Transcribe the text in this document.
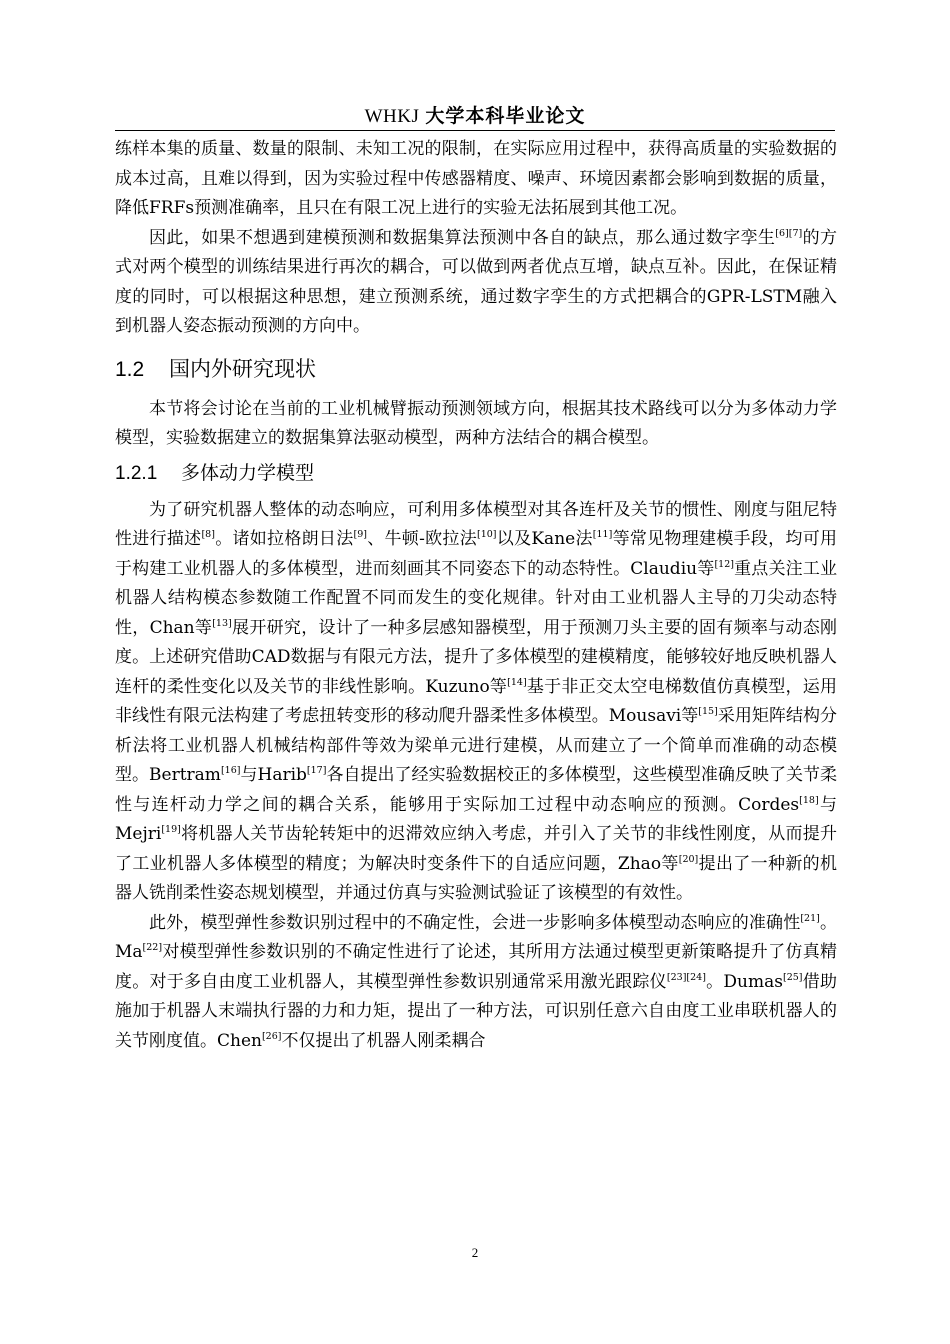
WHKJ 大学本科毕业论文

练样本集的质量、数量的限制、未知工况的限制，在实际应用过程中，获得高质量的实验数据的成本过高，且难以得到，因为实验过程中传感器精度、噪声、环境因素都会影响到数据的质量，降低FRFs预测准确率，且只在有限工况上进行的实验无法拓展到其他工况。

因此，如果不想遇到建模预测和数据集算法预测中各自的缺点，那么通过数字孪生[6][7]的方式对两个模型的训练结果进行再次的耦合，可以做到两者优点互增，缺点互补。因此，在保证精度的同时，可以根据这种思想，建立预测系统，通过数字孪生的方式把耦合的GPR-LSTM融入到机器人姿态振动预测的方向中。

1.2 国内外研究现状

本节将会讨论在当前的工业机械臂振动预测领域方向，根据其技术路线可以分为多体动力学模型，实验数据建立的数据集算法驱动模型，两种方法结合的耦合模型。

1.2.1 多体动力学模型

为了研究机器人整体的动态响应，可利用多体模型对其各连杆及关节的惯性、刚度与阻尼特性进行描述[8]。诸如拉格朗日法[9]、牛顿-欧拉法[10]以及Kane法[11]等常见物理建模手段，均可用于构建工业机器人的多体模型，进而刻画其不同姿态下的动态特性。Claudiu等[12]重点关注工业机器人结构模态参数随工作配置不同而发生的变化规律。针对由工业机器人主导的刀尖动态特性，Chan等[13]展开研究，设计了一种多层感知器模型，用于预测刀头主要的固有频率与动态刚度。上述研究借助CAD数据与有限元方法，提升了多体模型的建模精度，能够较好地反映机器人连杆的柔性变化以及关节的非线性影响。Kuzuno等[14]基于非正交太空电梯数值仿真模型，运用非线性有限元法构建了考虑扭转变形的移动爬升器柔性多体模型。Mousavi等[15]采用矩阵结构分析法将工业机器人机械结构部件等效为梁单元进行建模，从而建立了一个简单而准确的动态模型。Bertram[16]与Harib[17]各自提出了经实验数据校正的多体模型，这些模型准确反映了关节柔性与连杆动力学之间的耦合关系，能够用于实际加工过程中动态响应的预测。Cordes[18]与Mejri[19]将机器人关节齿轮转矩中的迟滞效应纳入考虑，并引入了关节的非线性刚度，从而提升了工业机器人多体模型的精度；为解决时变条件下的自适应问题，Zhao等[20]提出了一种新的机器人铣削柔性姿态规划模型，并通过仿真与实验测试验证了该模型的有效性。

此外，模型弹性参数识别过程中的不确定性，会进一步影响多体模型动态响应的准确性[21]。Ma[22]对模型弹性参数识别的不确定性进行了论述，其所用方法通过模型更新策略提升了仿真精度。对于多自由度工业机器人，其模型弹性参数识别通常采用激光跟踪仪[23][24]。Dumas[25]借助施加于机器人末端执行器的力和力矩，提出了一种方法，可识别任意六自由度工业串联机器人的关节刚度值。Chen[26]不仅提出了机器人刚柔耦合

2
